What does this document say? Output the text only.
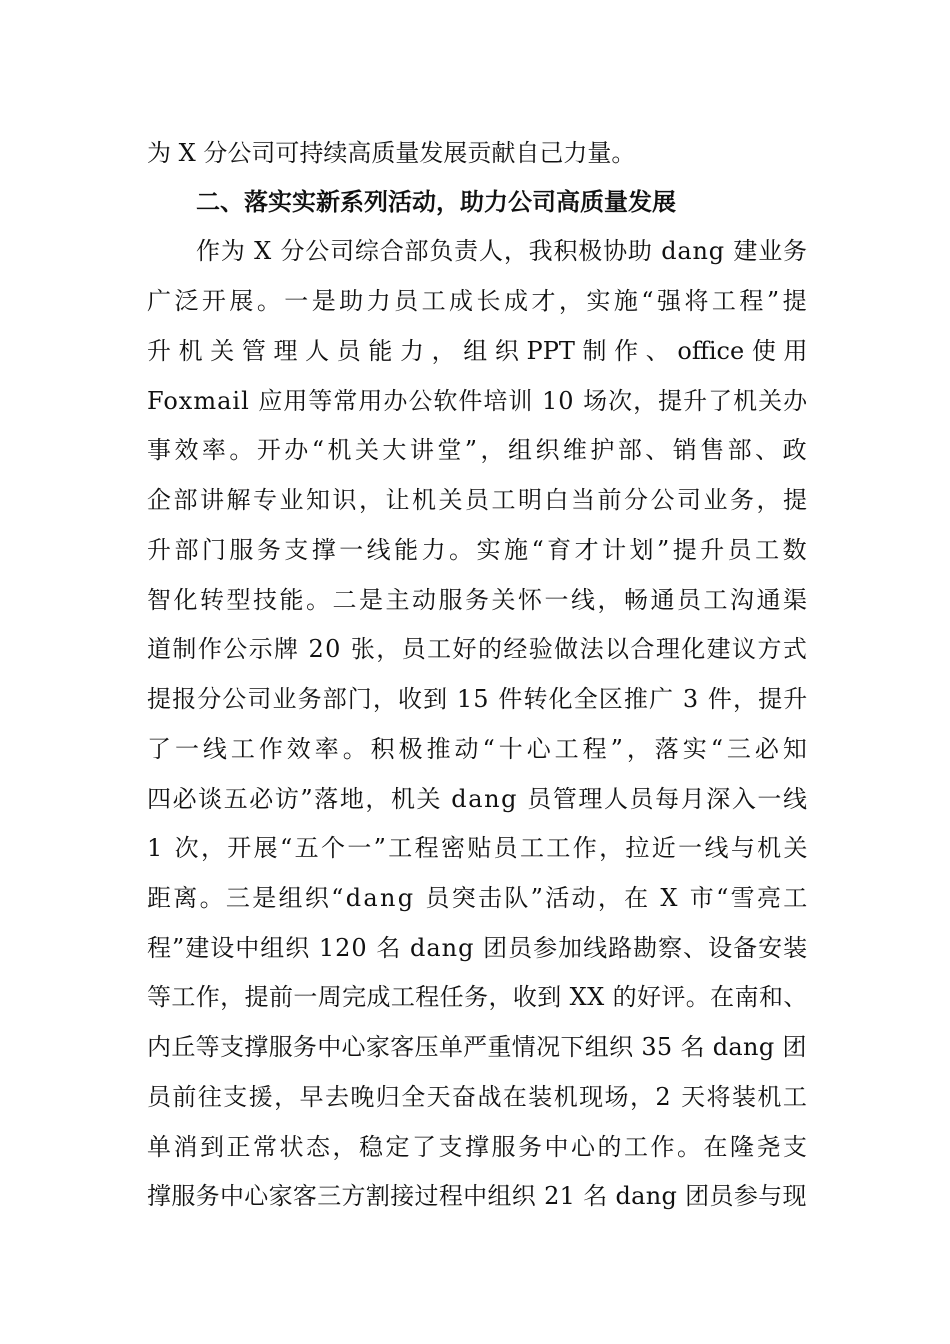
为 X 分公司可持续高质量发展贡献自己力量。
二、落实实新系列活动，助力公司高质量发展
作为 X 分公司综合部负责人，我积极协助 dang 建业务
广泛开展。一是助力员工成长成才，实施“强将工程”提
升 机 关 管 理 人 员 能 力 ， 组 织 PPT 制 作 、 office 使 用
Foxmail 应用等常用办公软件培训 10 场次，提升了机关办
事效率。开办“机关大讲堂”，组织维护部、销售部、政
企部讲解专业知识，让机关员工明白当前分公司业务，提
升部门服务支撑一线能力。实施“育才计划”提升员工数
智化转型技能。二是主动服务关怀一线，畅通员工沟通渠
道制作公示牌 20 张，员工好的经验做法以合理化建议方式
提报分公司业务部门，收到 15 件转化全区推广 3 件，提升
了一线工作效率。积极推动“十心工程”，落实“三必知
四必谈五必访”落地，机关 dang 员管理人员每月深入一线
1 次，开展“五个一”工程密贴员工工作，拉近一线与机关
距离。三是组织“dang 员突击队”活动，在 X 市“雪亮工
程”建设中组织 120 名 dang 团员参加线路勘察、设备安装
等工作，提前一周完成工程任务，收到 XX 的好评。在南和、
内丘等支撑服务中心家客压单严重情况下组织 35 名 dang 团
员前往支援，早去晚归全天奋战在装机现场，2 天将装机工
单消到正常状态，稳定了支撑服务中心的工作。在隆尧支
撑服务中心家客三方割接过程中组织 21 名 dang 团员参与现
